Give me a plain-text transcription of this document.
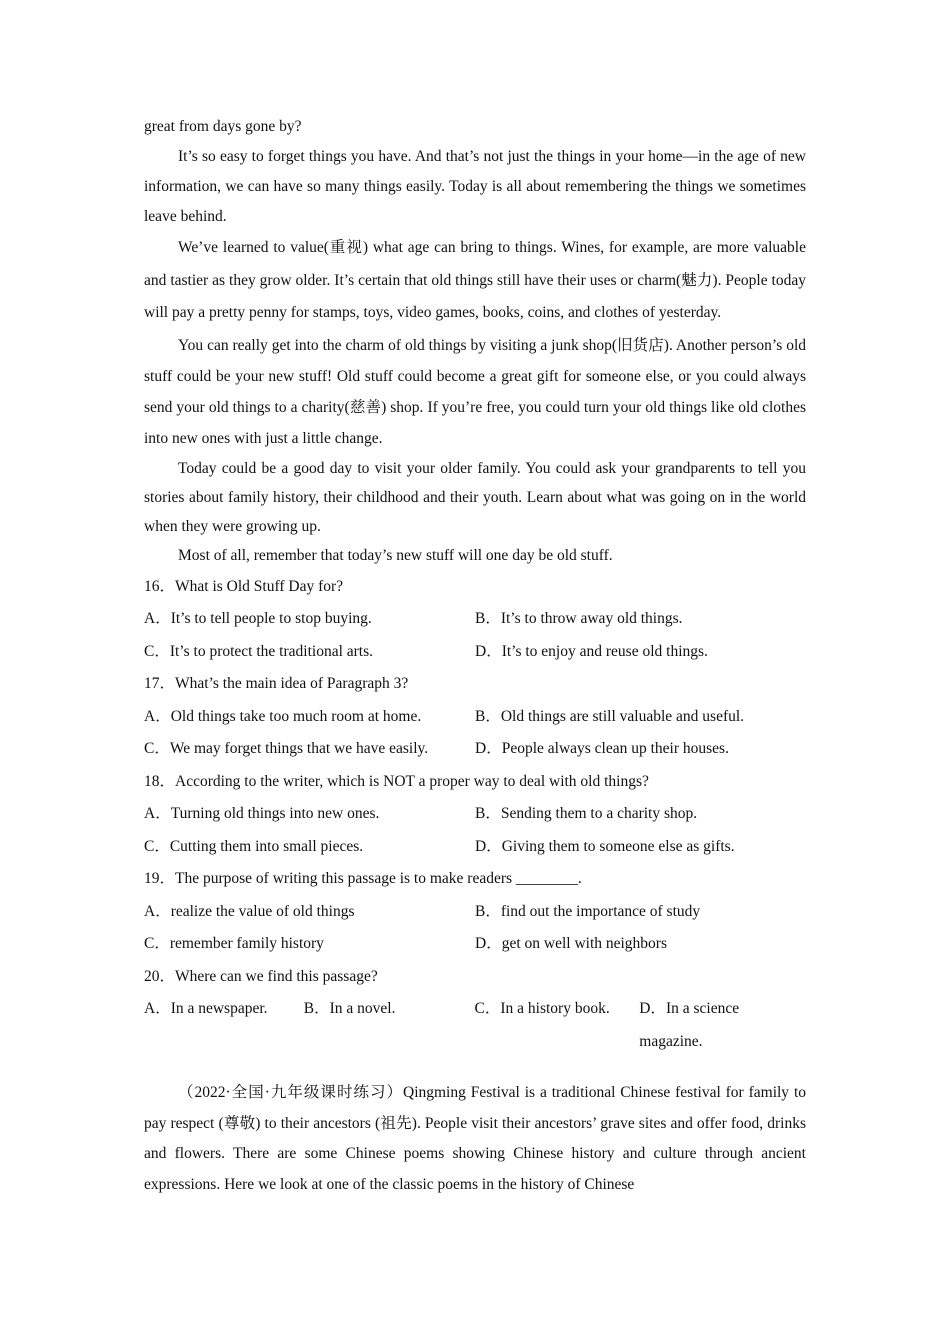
great from days gone by?

It’s so easy to forget things you have. And that’s not just the things in your home—in the age of new information, we can have so many things easily. Today is all about remembering the things we sometimes leave behind.

We’ve learned to value(重视) what age can bring to things. Wines, for example, are more valuable and tastier as they grow older. It’s certain that old things still have their uses or charm(魅力). People today will pay a pretty penny for stamps, toys, video games, books, coins, and clothes of yesterday.

You can really get into the charm of old things by visiting a junk shop(旧货店). Another person’s old stuff could be your new stuff! Old stuff could become a great gift for someone else, or you could always send your old things to a charity(慈善) shop. If you’re free, you could turn your old things like old clothes into new ones with just a little change.

Today could be a good day to visit your older family. You could ask your grandparents to tell you stories about family history, their childhood and their youth. Learn about what was going on in the world when they were growing up.

Most of all, remember that today’s new stuff will one day be old stuff.

16．What is Old Stuff Day for?

A．It’s to tell people to stop buying.	B．It’s to throw away old things.
C．It’s to protect the traditional arts.	D．It’s to enjoy and reuse old things.

17．What’s the main idea of Paragraph 3?

A．Old things take too much room at home.	B．Old things are still valuable and useful.
C．We may forget things that we have easily.	D．People always clean up their houses.

18．According to the writer, which is NOT a proper way to deal with old things?

A．Turning old things into new ones.	B．Sending them to a charity shop.
C．Cutting them into small pieces.	D．Giving them to someone else as gifts.

19．The purpose of writing this passage is to make readers ________.

A．realize the value of old things	B．find out the importance of study
C．remember family history	D．get on well with neighbors

20．Where can we find this passage?

A．In a newspaper.	B．In a novel.	C．In a history book.	D．In a science magazine.

（2022·全国·九年级课时练习）Qingming Festival is a traditional Chinese festival for family to pay respect (尊敬) to their ancestors (祖先). People visit their ancestors’ grave sites and offer food, drinks and flowers. There are some Chinese poems showing Chinese history and culture through ancient expressions. Here we look at one of the classic poems in the history of Chinese
